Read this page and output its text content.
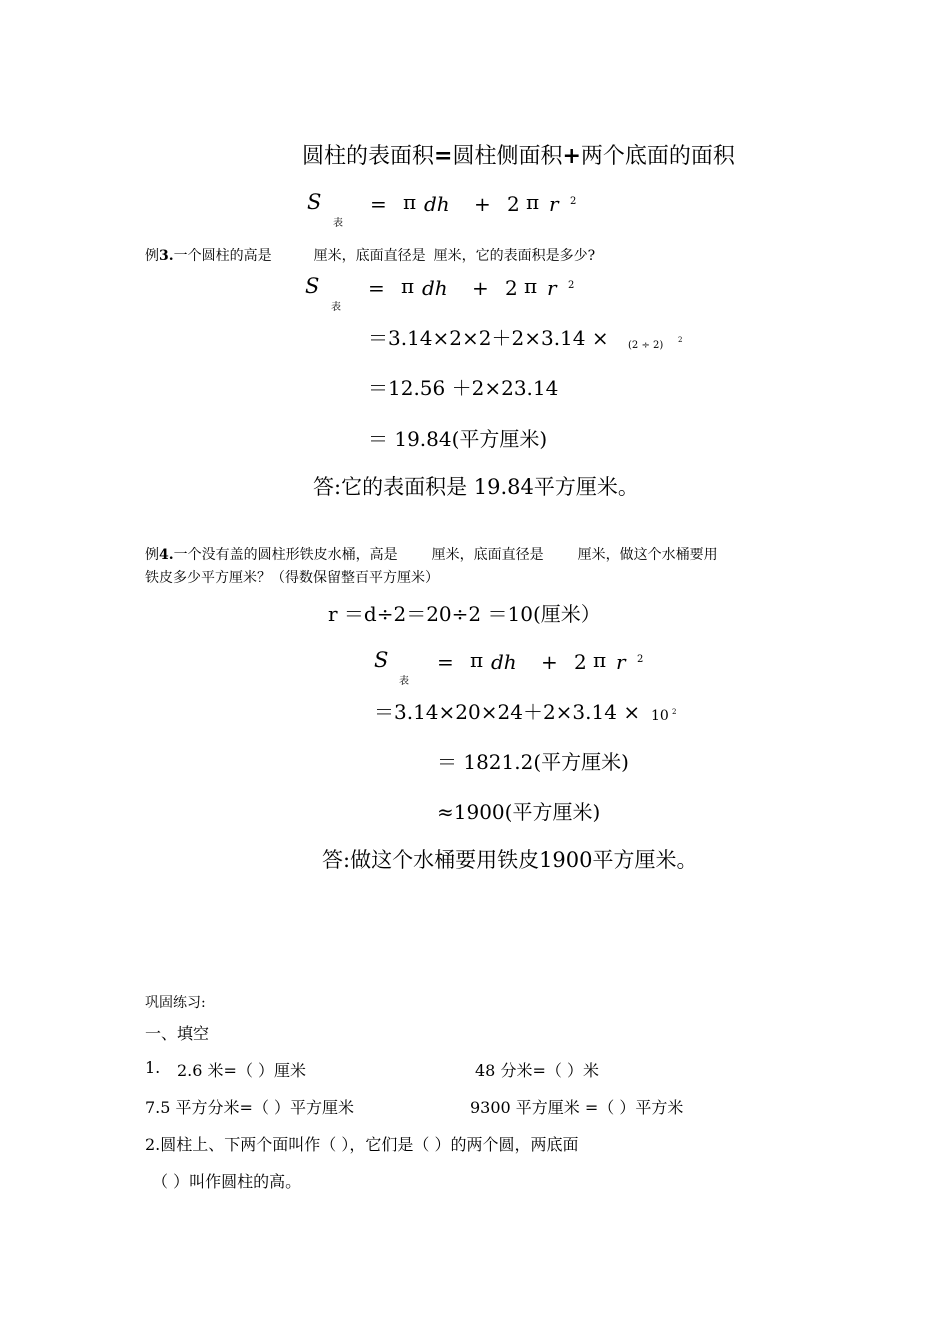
圆柱的表面积=圆柱侧面积+两个底面的面积
S
表
= π dh + 2 π r 2
例3.一个圆柱的高是	厘米，底面直径是 厘米，它的表面积是多少?
S
表
= π dh + 2 π r 2
＝3.14×2×2＋2×3.14 × (2 ÷ 2) 2
＝12.56 ＋2×23.14
＝ 19.84(平方厘米)
答:它的表面积是 19.84平方厘米。
例4.一个没有盖的圆柱形铁皮水桶，高是 厘米，底面直径是 厘米，做这个水桶要用
铁皮多少平方厘米？（得数保留整百平方厘米）
r ＝d÷2＝20÷2 ＝10(厘米）
S
表
= π dh + 2 π r 2
＝3.14×20×24＋2×3.14 × 10 2
＝ 1821.2(平方厘米)
≈1900(平方厘米)
答:做这个水桶要用铁皮1900平方厘米。
巩固练习:
一、填空
1. 2.6 米=（ ）厘米	48 分米=（ ）米
7.5 平方分米=（ ）平方厘米	9300 平方厘米 =（ ）平方米
2.圆柱上、下两个面叫作（ ），它们是（ ）的两个圆，两底面
（ ）叫作圆柱的高。
